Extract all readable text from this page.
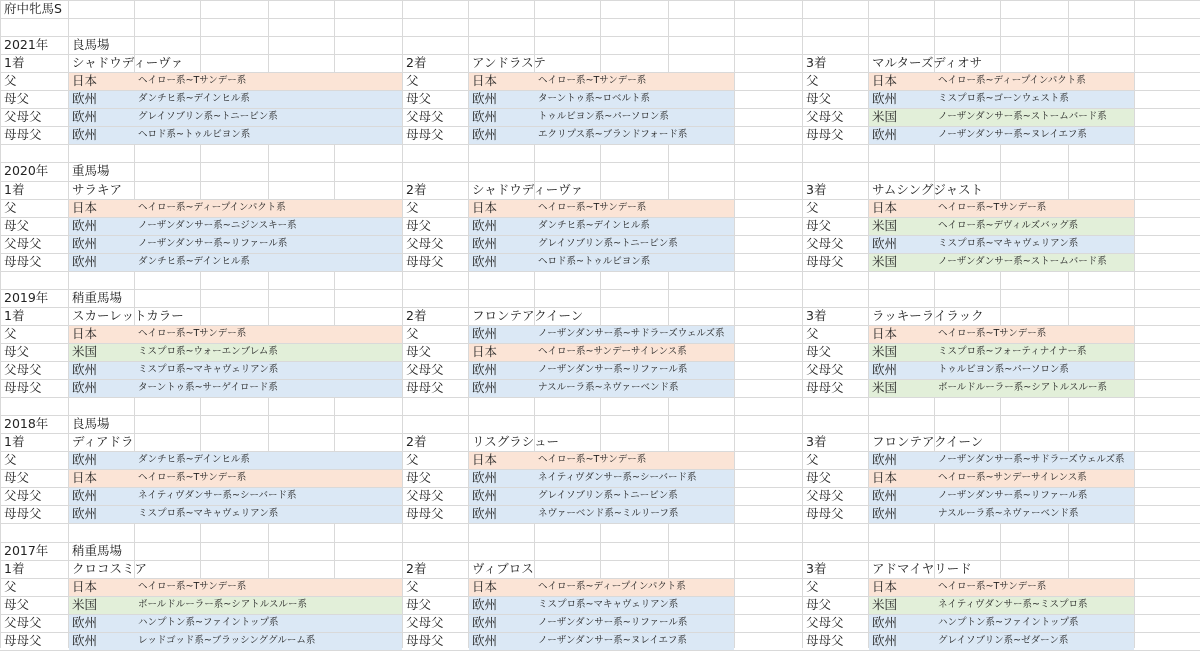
府中牝馬S
2021年 良馬場
1着	シャドウディーヴァ
父	日本	ヘイロー系~Tサンデー系
母父	欧州	ダンチヒ系~デインヒル系
父母父 欧州	グレイソブリン系~トニービン系
母母父 欧州	ヘロド系~トゥルビヨン系
2着	アンドラステ
父	日本	ヘイロー系~Tサンデー系
母父	欧州	ターントゥ系~ロベルト系
父母父 欧州	トゥルビヨン系~パーソロン系
母母父 欧州	エクリプス系~ブランドフォード系
3着	マルターズディオサ
父	日本	ヘイロー系~ディープインパクト系
母父	欧州	ミスプロ系~ゴーンウェスト系
父母父 米国	ノーザンダンサー系~ストームバード系
母母父 欧州	ノーザンダンサー系~ヌレイエフ系
2020年 重馬場
1着	サラキア
父	日本	ヘイロー系~ディープインパクト系
母父	欧州	ノーザンダンサー系~ニジンスキー系
父母父 欧州	ノーザンダンサー系~リファール系
母母父 欧州	ダンチヒ系~デインヒル系
2着	シャドウディーヴァ
父	日本	ヘイロー系~Tサンデー系
母父	欧州	ダンチヒ系~デインヒル系
父母父 欧州	グレイソブリン系~トニービン系
母母父 欧州	ヘロド系~トゥルビヨン系
3着	サムシングジャスト
父	日本	ヘイロー系~Tサンデー系
母父	米国	ヘイロー系~デヴィルズバッグ系
父母父 欧州	ミスプロ系~マキャヴェリアン系
母母父 米国	ノーザンダンサー系~ストームバード系
2019年 稍重馬場
1着	スカーレットカラー
父	日本	ヘイロー系~Tサンデー系
母父	米国	ミスプロ系~ウォーエンブレム系
父母父 欧州	ミスプロ系~マキャヴェリアン系
母母父 欧州	ターントゥ系~サーゲイロード系
2着	フロンテアクイーン
父	欧州	ノーザンダンサー系~サドラーズウェルズ系
母父	日本	ヘイロー系~サンデーサイレンス系
父母父 欧州	ノーザンダンサー系~リファール系
母母父 欧州	ナスルーラ系~ネヴァーベンド系
3着	ラッキーライラック
父	日本	ヘイロー系~Tサンデー系
母父	米国	ミスプロ系~フォーティナイナー系
父母父 欧州	トゥルビヨン系~パーソロン系
母母父 米国	ボールドルーラー系~シアトルスルー系
2018年 良馬場
1着	ディアドラ
父	欧州	ダンチヒ系~デインヒル系
母父	日本	ヘイロー系~Tサンデー系
父母父 欧州	ネイティヴダンサー系~シーバード系
母母父 欧州	ミスプロ系~マキャヴェリアン系
2着	リスグラシュー
父	日本	ヘイロー系~Tサンデー系
母父	欧州	ネイティヴダンサー系~シーバード系
父母父 欧州	グレイソブリン系~トニービン系
母母父 欧州	ネヴァーベンド系~ミルリーフ系
3着	フロンテアクイーン
父	欧州	ノーザンダンサー系~サドラーズウェルズ系
母父	日本	ヘイロー系~サンデーサイレンス系
父母父 欧州	ノーザンダンサー系~リファール系
母母父 欧州	ナスルーラ系~ネヴァーベンド系
2017年 稍重馬場
1着	クロコスミア
父	日本	ヘイロー系~Tサンデー系
母父	米国	ボールドルーラー系~シアトルスルー系
父母父 欧州	ハンプトン系~ファイントップ系
母母父 欧州	レッドゴッド系~ブラッシンググルーム系
2着	ヴィブロス
父	日本	ヘイロー系~ディープインパクト系
母父	欧州	ミスプロ系~マキャヴェリアン系
父母父 欧州	ノーザンダンサー系~リファール系
母母父 欧州	ノーザンダンサー系~ヌレイエフ系
3着	アドマイヤリード
父	日本	ヘイロー系~Tサンデー系
母父	米国	ネイティヴダンサー系~ミスプロ系
父母父 欧州	ハンプトン系~ファイントップ系
母母父 欧州	グレイソブリン系~ゼダーン系
